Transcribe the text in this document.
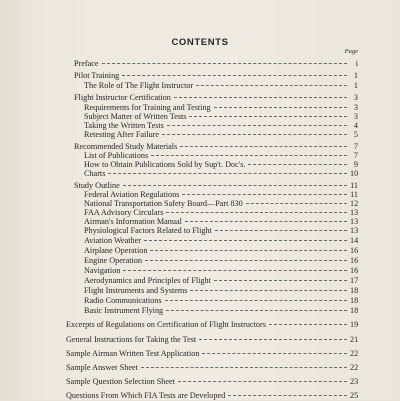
CONTENTS
Page
Preface	i
Pilot Training	1
The Role of The Flight Instructor	1
Flight Instructor Certification	3
Requirements for Training and Testing	3
Subject Matter of Written Tests	3
Taking the Written Tests	4
Retesting After Failure	5
Recommended Study Materials	7
List of Publications	7
How to Obtain Publications Sold by Sup't. Doc's.	9
Charts	10
Study Outline	11
Federal Aviation Regulations	11
National Transportation Safety Board—Part 830	12
FAA Advisory Circulars	13
Airman's Information Manual	13
Physiological Factors Related to Flight	13
Aviation Weather	14
Airplane Operation	16
Engine Operation	16
Navigation	16
Aerodynamics and Principles of Flight	17
Flight Instruments and Systems	18
Radio Communications	18
Basic Instrument Flying	18
Excerpts of Regulations on Certification of Flight Instructors	19
General Instructions for Taking the Test	21
Sample Airman Written Test Application	22
Sample Answer Sheet	22
Sample Question Selection Sheet	23
Questions From Which FIA Tests are Developed	25
